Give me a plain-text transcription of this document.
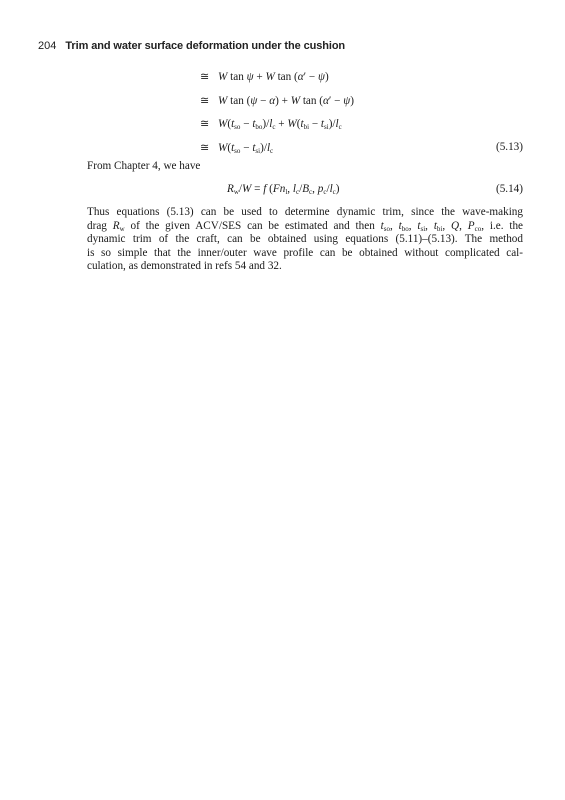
204 Trim and water surface deformation under the cushion
≅ W tan ψ + W tan (α′ − ψ)
≅ W tan (ψ − α) + W tan (α′ − ψ)
≅ $W(t_{so} - t_{bo})/l_c + W(t_{bi} - t_{si})/l_c$
≅ $W(t_{so} - t_{si})/l_c$	(5.13)
From Chapter 4, we have
$R_w/W = f$ ($Fn_l$, $l_c/B_c$, $p_c/l_c$)	(5.14)
Thus equations (5.13) can be used to determine dynamic trim, since the wave-making
drag $R_w$ of the given ACV/SES can be estimated and then $t_{so}$, $t_{bo}$, $t_{si}$, $t_{bi}$, Q, $P_{co}$, i.e. the
dynamic trim of the craft, can be obtained using equations (5.11)–(5.13). The method
is so simple that the inner/outer wave profile can be obtained without complicated cal-
culation, as demonstrated in refs 54 and 32.
